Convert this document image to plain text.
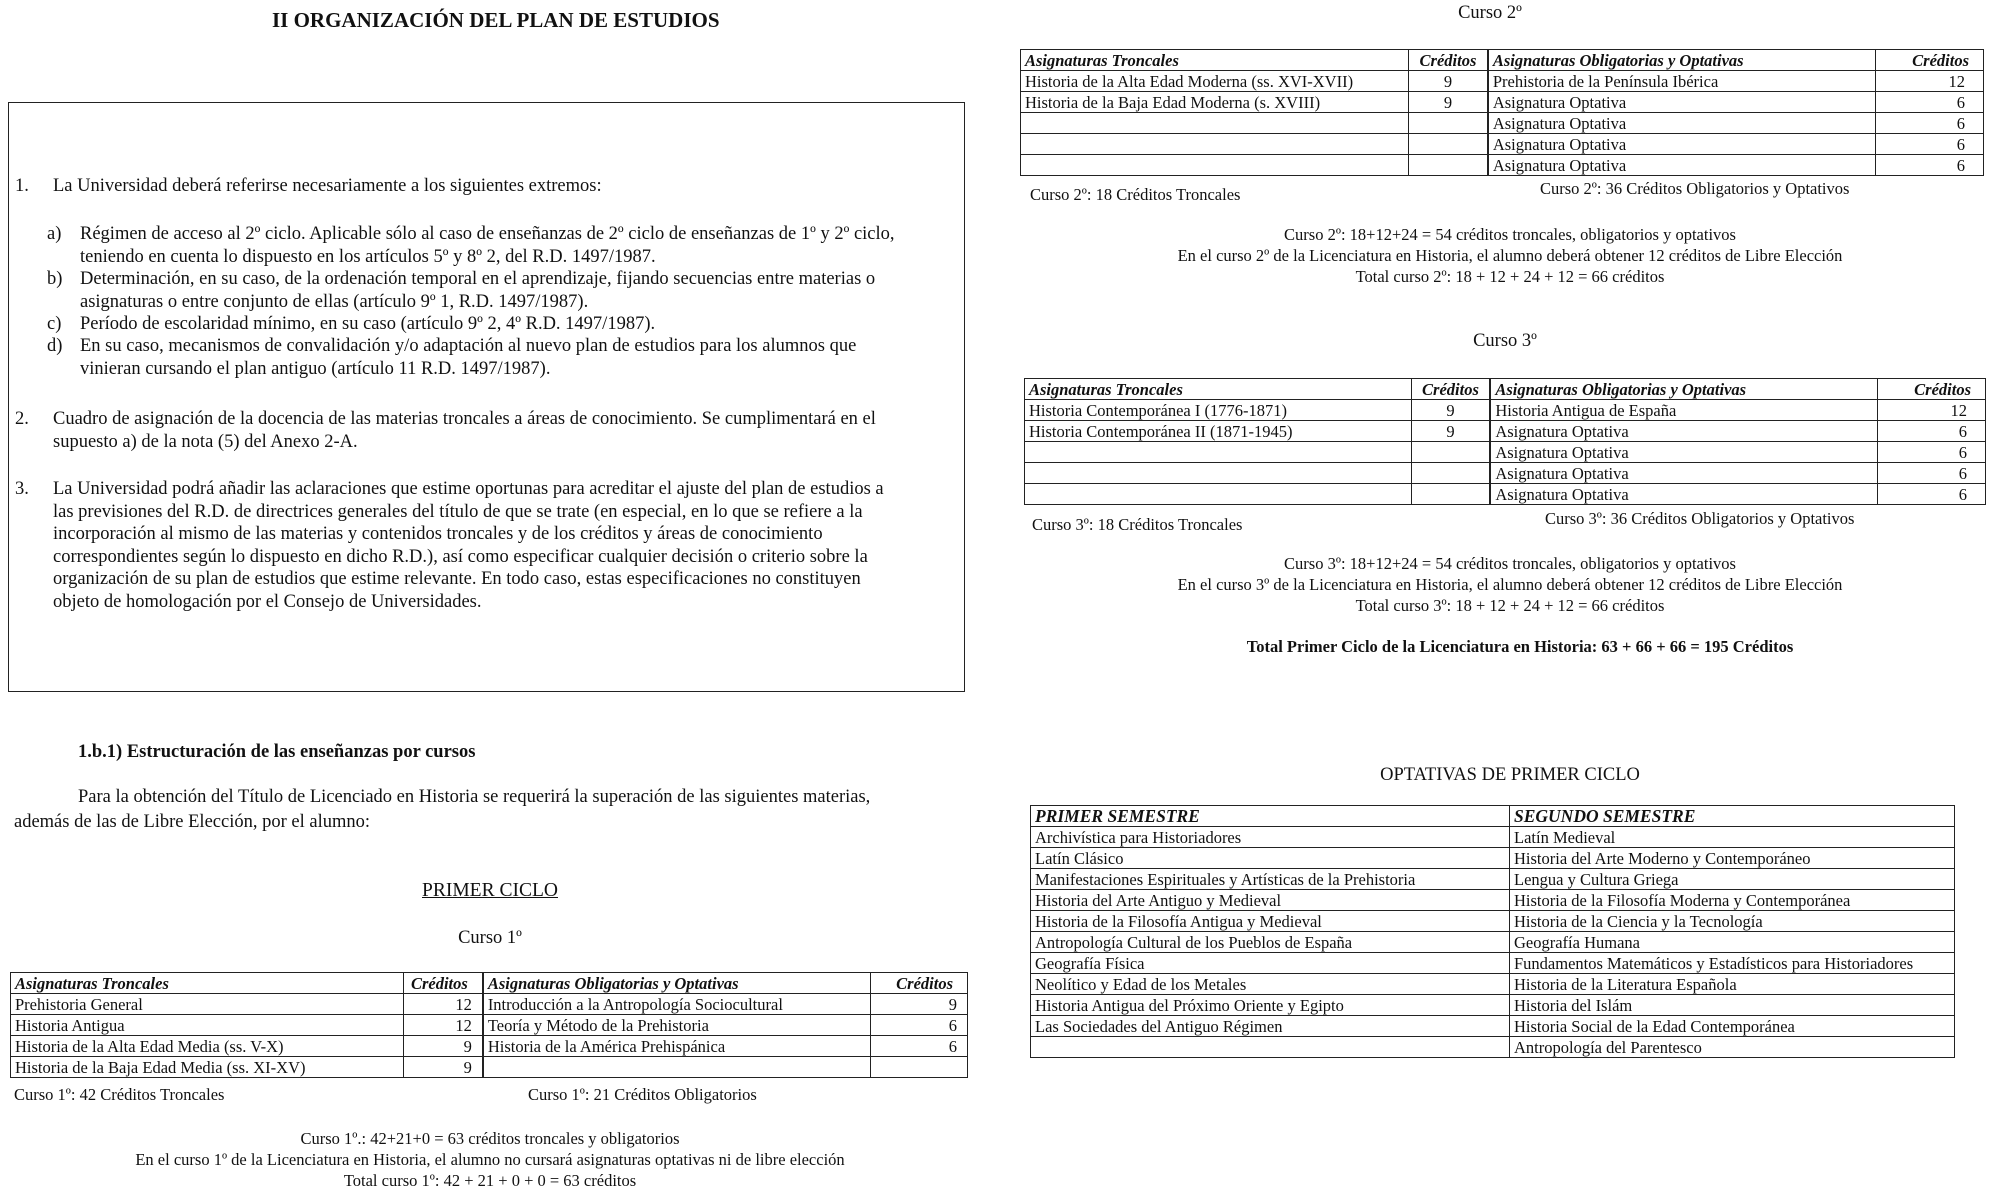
II ORGANIZACIÓN DEL PLAN DE ESTUDIOS
1. La Universidad deberá referirse necesariamente a los siguientes extremos:
a) Régimen de acceso al 2º ciclo. Aplicable sólo al caso de enseñanzas de 2º ciclo de enseñanzas de 1º y 2º ciclo,
teniendo en cuenta lo dispuesto en los artículos 5º y 8º 2, del R.D. 1497/1987.
b) Determinación, en su caso, de la ordenación temporal en el aprendizaje, fijando secuencias entre materias o
asignaturas o entre conjunto de ellas (artículo 9º 1, R.D. 1497/1987).
c) Período de escolaridad mínimo, en su caso (artículo 9º 2, 4º R.D. 1497/1987).
d) En su caso, mecanismos de convalidación y/o adaptación al nuevo plan de estudios para los alumnos que
vinieran cursando el plan antiguo (artículo 11 R.D. 1497/1987).
2. Cuadro de asignación de la docencia de las materias troncales a áreas de conocimiento. Se cumplimentará en el
supuesto a) de la nota (5) del Anexo 2-A.
3. La Universidad podrá añadir las aclaraciones que estime oportunas para acreditar el ajuste del plan de estudios a
las previsiones del R.D. de directrices generales del título de que se trate (en especial, en lo que se refiere a la
incorporación al mismo de las materias y contenidos troncales y de los créditos y áreas de conocimiento
correspondientes según lo dispuesto en dicho R.D.), así como especificar cualquier decisión o criterio sobre la
organización de su plan de estudios que estime relevante. En todo caso, estas especificaciones no constituyen
objeto de homologación por el Consejo de Universidades.
1.b.1) Estructuración de las enseñanzas por cursos
Para la obtención del Título de Licenciado en Historia se requerirá la superación de las siguientes materias,
además de las de Libre Elección, por el alumno:
PRIMER CICLO
Curso 1º
Asignaturas Troncales	Créditos	Asignaturas Obligatorias y Optativas	Créditos
Prehistoria General	12	Introducción a la Antropología Sociocultural	9
Historia Antigua	12	Teoría y Método de la Prehistoria	6
Historia de la Alta Edad Media (ss. V-X)	9	Historia de la América Prehispánica	6
Historia de la Baja Edad Media (ss. XI-XV)	9		
Curso 1º: 42 Créditos Troncales	Curso 1º: 21 Créditos Obligatorios
Curso 1º.: 42+21+0 = 63 créditos troncales y obligatorios
En el curso 1º de la Licenciatura en Historia, el alumno no cursará asignaturas optativas ni de libre elección
Total curso 1º: 42 + 21 + 0 + 0 = 63 créditos
Curso 2º
Asignaturas Troncales	Créditos	Asignaturas Obligatorias y Optativas	Créditos
Historia de la Alta Edad Moderna (ss. XVI-XVII)	9	Prehistoria de la Península Ibérica	12
Historia de la Baja Edad Moderna (s. XVIII)	9	Asignatura Optativa	6
		Asignatura Optativa	6
		Asignatura Optativa	6
		Asignatura Optativa	6
Curso 2º: 18 Créditos Troncales	Curso 2º: 36 Créditos Obligatorios y Optativos
Curso 2º: 18+12+24 = 54 créditos troncales, obligatorios y optativos
En el curso 2º de la Licenciatura en Historia, el alumno deberá obtener 12 créditos de Libre Elección
Total curso 2º: 18 + 12 + 24 + 12 = 66 créditos
Curso 3º
Asignaturas Troncales	Créditos	Asignaturas Obligatorias y Optativas	Créditos
Historia Contemporánea I (1776-1871)	9	Historia Antigua de España	12
Historia Contemporánea II (1871-1945)	9	Asignatura Optativa	6
		Asignatura Optativa	6
		Asignatura Optativa	6
		Asignatura Optativa	6
Curso 3º: 18 Créditos Troncales	Curso 3º: 36 Créditos Obligatorios y Optativos
Curso 3º: 18+12+24 = 54 créditos troncales, obligatorios y optativos
En el curso 3º de la Licenciatura en Historia, el alumno deberá obtener 12 créditos de Libre Elección
Total curso 3º: 18 + 12 + 24 + 12 = 66 créditos
Total Primer Ciclo de la Licenciatura en Historia: 63 + 66 + 66 = 195 Créditos
OPTATIVAS DE PRIMER CICLO
PRIMER SEMESTRE	SEGUNDO SEMESTRE
Archivística para Historiadores	Latín Medieval
Latín Clásico	Historia del Arte Moderno y Contemporáneo
Manifestaciones Espirituales y Artísticas de la Prehistoria	Lengua y Cultura Griega
Historia del Arte Antiguo y Medieval	Historia de la Filosofía Moderna y Contemporánea
Historia de la Filosofía Antigua y Medieval	Historia de la Ciencia y la Tecnología
Antropología Cultural de los Pueblos de España	Geografía Humana
Geografía Física	Fundamentos Matemáticos y Estadísticos para Historiadores
Neolítico y Edad de los Metales	Historia de la Literatura Española
Historia Antigua del Próximo Oriente y Egipto	Historia del Islám
Las Sociedades del Antiguo Régimen	Historia Social de la Edad Contemporánea
	Antropología del Parentesco
